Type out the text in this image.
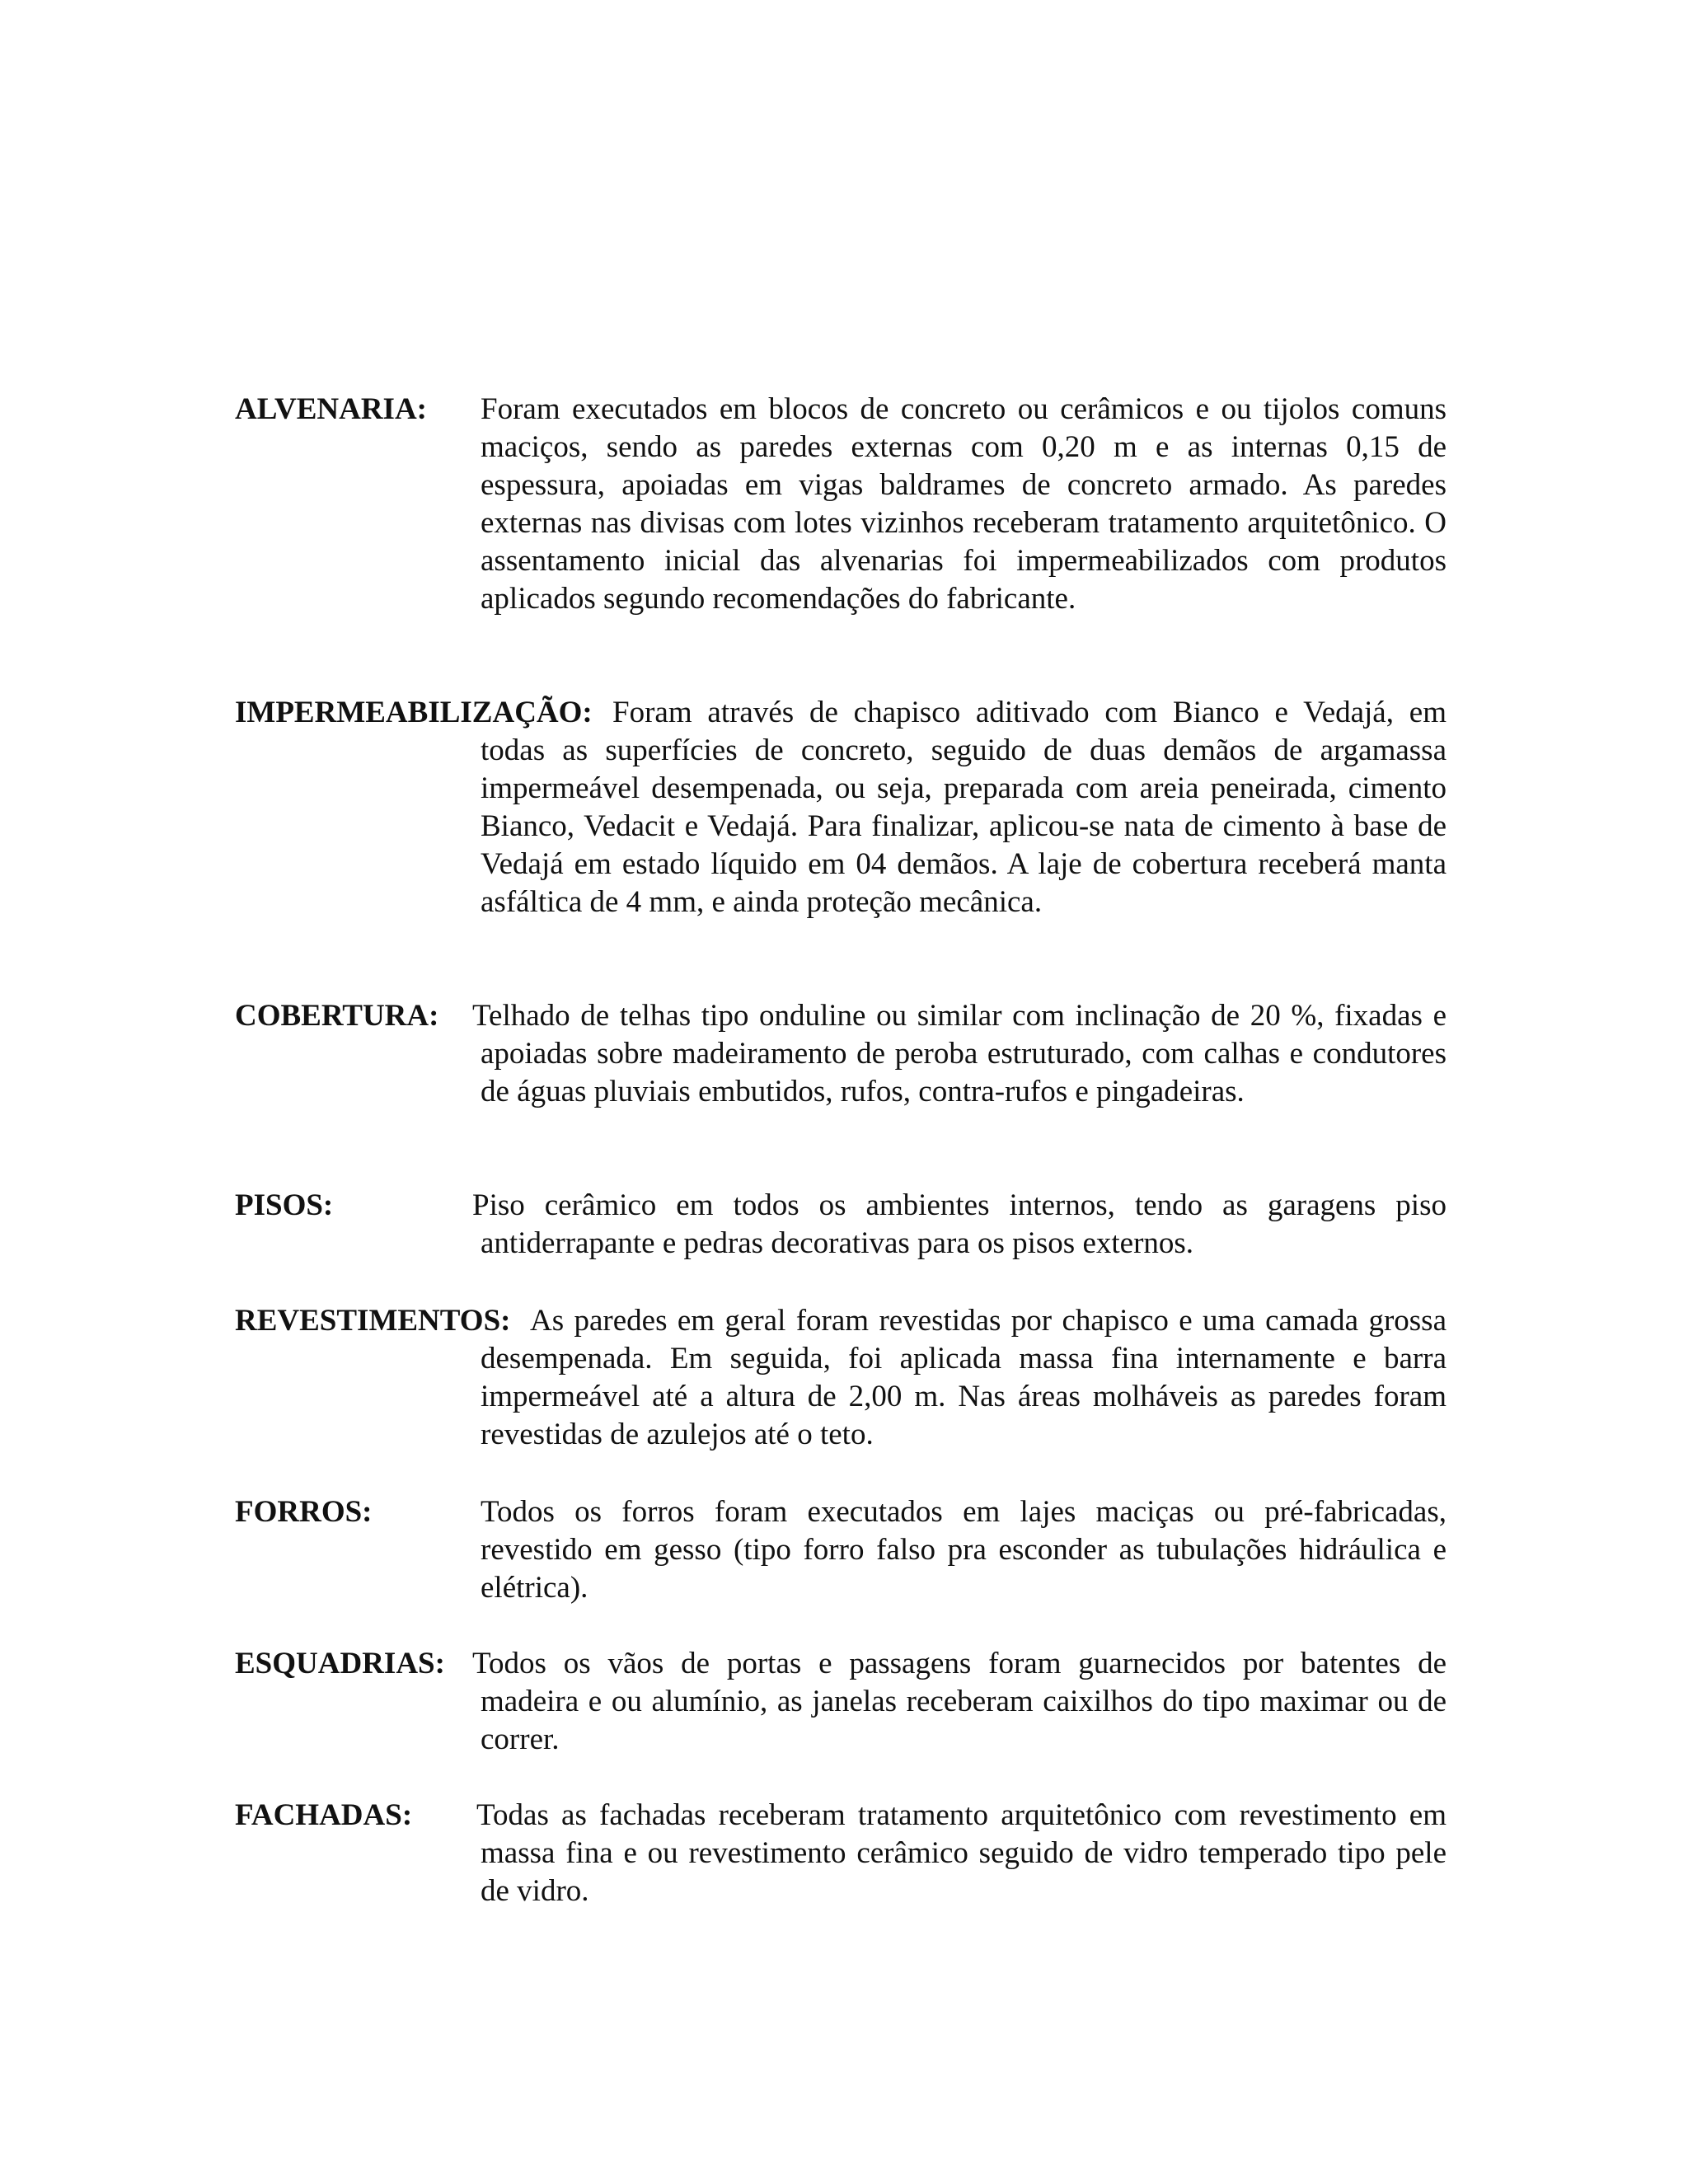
ALVENARIA: Foram executados em blocos de concreto ou cerâmicos e ou tijolos comuns maciços, sendo as paredes externas com 0,20 m e as internas 0,15 de espessura, apoiadas em vigas baldrames de concreto armado. As paredes externas nas divisas com lotes vizinhos receberam tratamento arquitetônico. O assentamento inicial das alvenarias foi impermeabilizados com produtos aplicados segundo recomendações do fabricante.
IMPERMEABILIZAÇÃO: Foram através de chapisco aditivado com Bianco e Vedajá, em todas as superfícies de concreto, seguido de duas demãos de argamassa impermeável desempenada, ou seja, preparada com areia peneirada, cimento Bianco, Vedacit e Vedajá. Para finalizar, aplicou-se nata de cimento à base de Vedajá em estado líquido em 04 demãos. A laje de cobertura receberá manta asfáltica de 4 mm, e ainda proteção mecânica.
COBERTURA: Telhado de telhas tipo onduline ou similar com inclinação de 20 %, fixadas e apoiadas sobre madeiramento de peroba estruturado, com calhas e condutores de águas pluviais embutidos, rufos, contra-rufos e pingadeiras.
PISOS:	Piso cerâmico em todos os ambientes internos, tendo as garagens piso antiderrapante e pedras decorativas para os pisos externos.
REVESTIMENTOS: As paredes em geral foram revestidas por chapisco e uma camada grossa desempenada. Em seguida, foi aplicada massa fina internamente e barra impermeável até a altura de 2,00 m. Nas áreas molháveis as paredes foram revestidas de azulejos até o teto.
FORROS:	Todos os forros foram executados em lajes maciças ou pré-fabricadas, revestido em gesso (tipo forro falso pra esconder as tubulações hidráulica e elétrica).
ESQUADRIAS: Todos os vãos de portas e passagens foram guarnecidos por batentes de madeira e ou alumínio, as janelas receberam caixilhos do tipo maximar ou de correr.
FACHADAS: Todas as fachadas receberam tratamento arquitetônico com revestimento em massa fina e ou revestimento cerâmico seguido de vidro temperado tipo pele de vidro.
